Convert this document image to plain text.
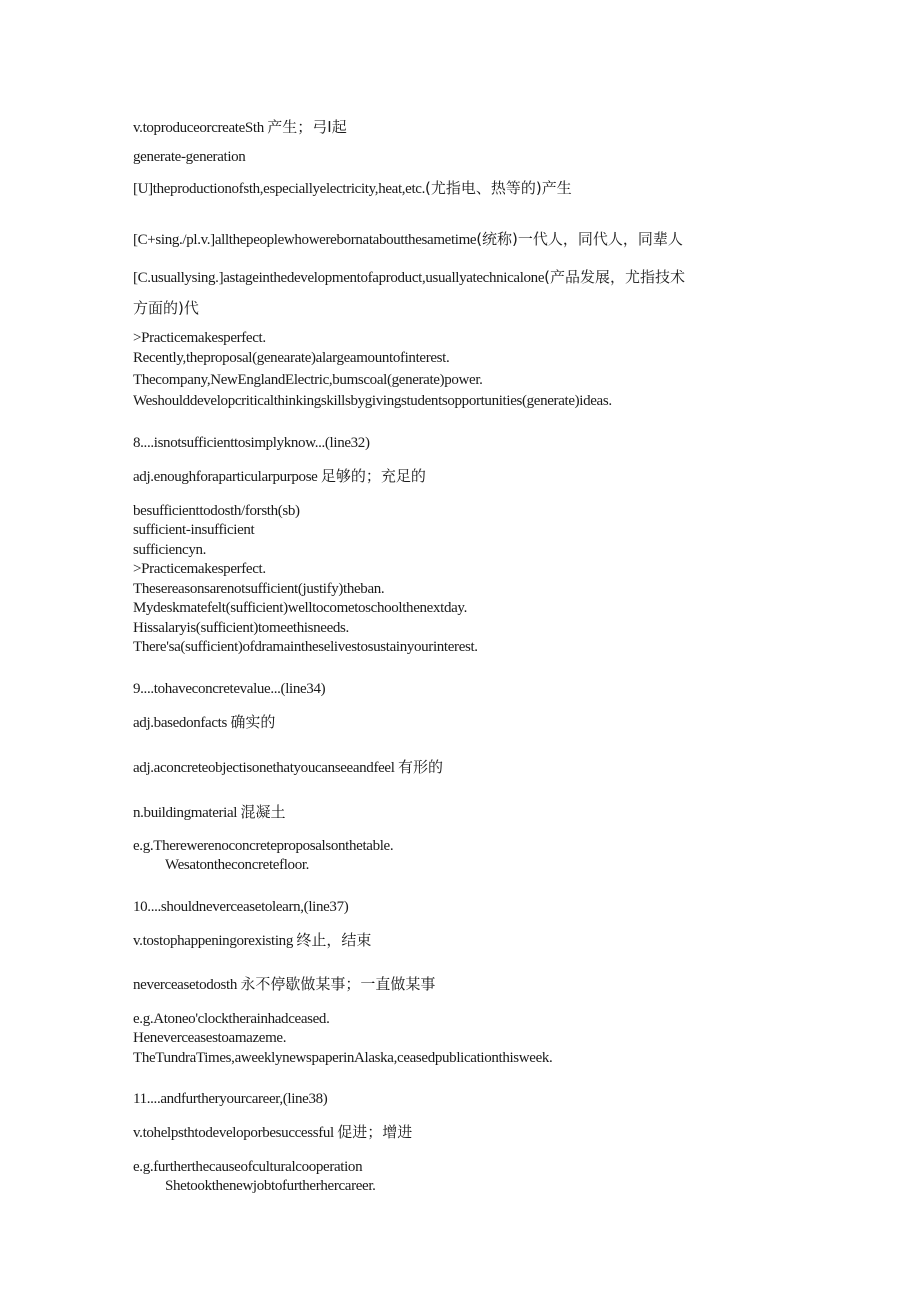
v.toproduceorcreateSth 产生；弓I起
generate-generation
[U]theproductionofsth,especiallyelectricity,heat,etc.(尤指电、热等的)产生
[C+sing./pl.v.]allthepeoplewhowerebornataboutthesametime(统称)一代人，同代人，同辈人
[C.usuallysing.]astageinthedevelopmentofaproduct,usuallyatechnicalone(产品发展，尤指技术
方面的)代
>Practicemakesperfect.
Recently,theproposal(genearate)alargeamountofinterest.
Thecompany,NewEnglandElectric,bumscoal(generate)power.
Weshoulddevelopcriticalthinkingskillsbygivingstudentsopportunities(generate)ideas.
8....isnotsufficienttosimplyknow...(line32)
adj.enoughforaparticularpurpose 足够的；充足的
besufficienttodosth/forsth(sb)
sufficient-insufficient
sufficiencyn.
>Practicemakesperfect.
Thesereasonsarenotsufficient(justify)theban.
Mydeskmatefelt(sufficient)welltocometoschoolthenextday.
Hissalaryis(sufficient)tomeethisneeds.
There'sa(sufficient)ofdramaintheselivestosustainyourinterest.
9....tohaveconcretevalue...(line34)
adj.basedonfacts 确实的
adj.aconcreteobjectisonethatyoucanseeandfeel 有形的
n.buildingmaterial 混凝土
e.g.Therewerenoconcreteproposalsonthetable.
Wesatontheconcretefloor.
10....shouldneverceasetolearn,(line37)
v.tostophappeningorexisting 终止，结束
neverceasetodosth 永不停歇做某事；一直做某事
e.g.Atoneo'clocktherainhadceased.
Heneverceasestoamazeme.
TheTundraTimes,aweeklynewspaperinAlaska,ceasedpublicationthisweek.
11....andfurtheryourcareer,(line38)
v.tohelpsthtodeveloporbesuccessful 促进；增进
e.g.furtherthecauseofculturalcooperation
Shetookthenewjobtofurtherhercareer.
